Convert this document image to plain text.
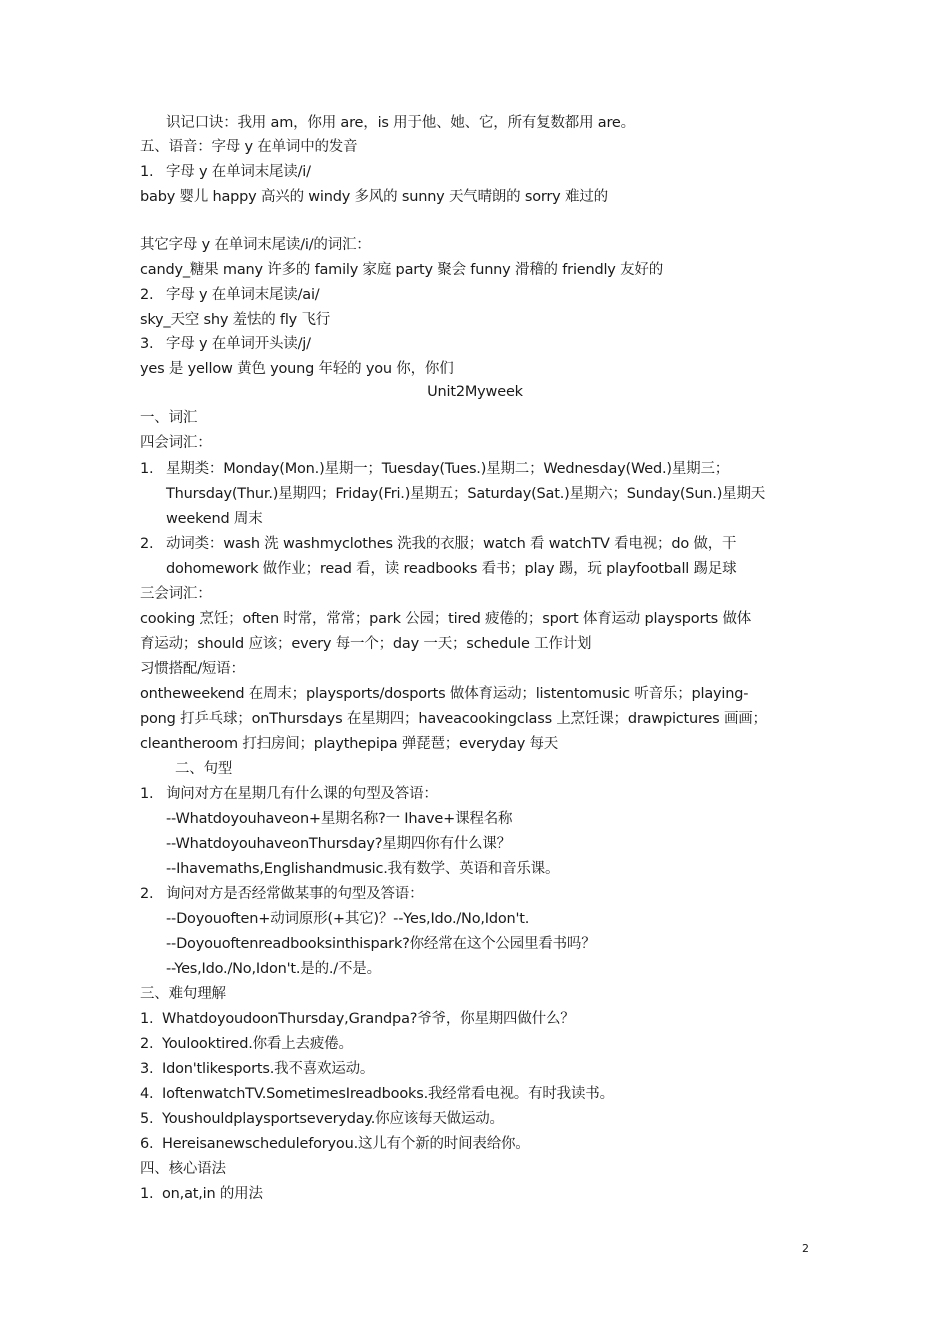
识记口诀：我用 am，你用 are，is 用于他、她、它，所有复数都用 are。
五、语音：字母 y 在单词中的发音
1. 字母 y 在单词末尾读/i/
baby 婴儿 happy 高兴的 windy 多风的 sunny 天气晴朗的 sorry 难过的
其它字母 y 在单词末尾读/i/的词汇：
candy_糖果 many 许多的 family 家庭 party 聚会 funny 滑稽的 friendly 友好的
2. 字母 y 在单词末尾读/ai/
sky_天空 shy 羞怯的 fly 飞行
3. 字母 y 在单词开头读/j/
yes 是 yellow 黄色 young 年轻的 you 你，你们
Unit2Myweek
一、词汇
四会词汇：
1. 星期类：Monday(Mon.)星期一；Tuesday(Tues.)星期二；Wednesday(Wed.)星期三；
Thursday(Thur.)星期四；Friday(Fri.)星期五；Saturday(Sat.)星期六；Sunday(Sun.)星期天
weekend 周末
2. 动词类：wash 洗 washmyclothes 洗我的衣服；watch 看 watchTV 看电视；do 做，干
dohomework 做作业；read 看，读 readbooks 看书；play 踢，玩 playfootball 踢足球
三会词汇：
cooking 烹饪；often 时常，常常；park 公园；tired 疲倦的；sport 体育运动 playsports 做体
育运动；should 应该；every 每一个；day 一天；schedule 工作计划
习惯搭配/短语：
ontheweekend 在周末；playsports/dosports 做体育运动；listentomusic 听音乐；playing-
pong 打乒乓球；onThursdays 在星期四；haveacookingclass 上烹饪课；drawpictures 画画；
cleantheroom 打扫房间；playthepipa 弹琵琶；everyday 每天
二、句型
1. 询问对方在星期几有什么课的句型及答语：
--Whatdoyouhaveon+星期名称?一 Ihave+课程名称
--WhatdoyouhaveonThursday?星期四你有什么课？
--Ihavemaths,Englishandmusic.我有数学、英语和音乐课。
2. 询问对方是否经常做某事的句型及答语：
--Doyouoften+动词原形(+其它)？--Yes,Ido./No,Idon't.
--Doyouoftenreadbooksinthispark?你经常在这个公园里看书吗？
--Yes,Ido./No,Idon't.是的./不是。
三、难句理解
1. WhatdoyoudoonThursday,Grandpa?爷爷，你星期四做什么？
2. Youlooktired.你看上去疲倦。
3. Idon'tlikesports.我不喜欢运动。
4. IoftenwatchTV.SometimesIreadbooks.我经常看电视。有时我读书。
5. Youshouldplaysportseveryday.你应该每天做运动。
6. Hereisanewscheduleforyou.这儿有个新的时间表给你。
四、核心语法
1. on,at,in 的用法
2
